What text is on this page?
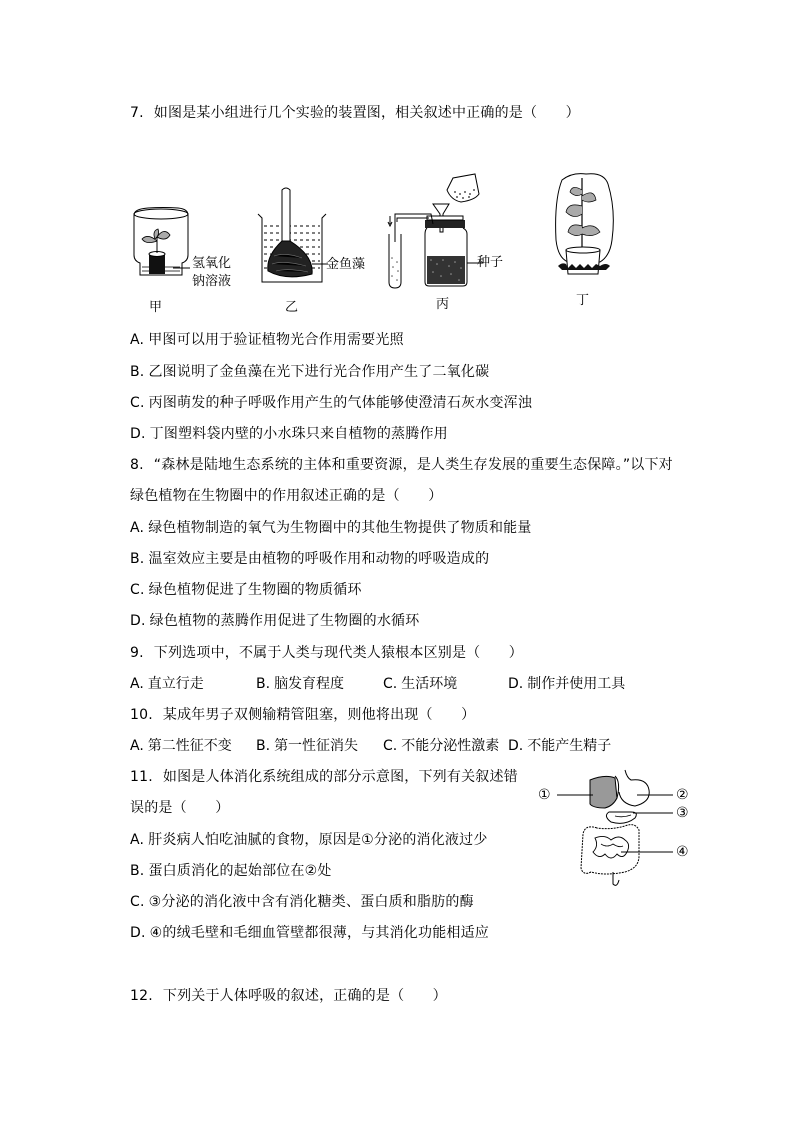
7. 如图是某小组进行几个实验的装置图，相关叙述中正确的是（　　）
氢氧化
钠溶液
甲
金鱼藻
乙
种子
丙	丁
A. 甲图可以用于验证植物光合作用需要光照
B. 乙图说明了金鱼藻在光下进行光合作用产生了二氧化碳
C. 丙图萌发的种子呼吸作用产生的气体能够使澄清石灰水变浑浊
D. 丁图塑料袋内壁的小水珠只来自植物的蒸腾作用
8. “森林是陆地生态系统的主体和重要资源，是人类生存发展的重要生态保障。”以下对
绿色植物在生物圈中的作用叙述正确的是（　　）
A. 绿色植物制造的氧气为生物圈中的其他生物提供了物质和能量
B. 温室效应主要是由植物的呼吸作用和动物的呼吸造成的
C. 绿色植物促进了生物圈的物质循环
D. 绿色植物的蒸腾作用促进了生物圈的水循环
9. 下列选项中，不属于人类与现代类人猿根本区别是（　　）
A. 直立行走	B. 脑发育程度	C. 生活环境	D. 制作并使用工具
10. 某成年男子双侧输精管阻塞，则他将出现（　　）
A. 第二性征不变 B. 第一性征消失 C. 不能分泌性激素 D. 不能产生精子
11. 如图是人体消化系统组成的部分示意图，下列有关叙述错
误的是（　　）
①	②
③
④
A. 肝炎病人怕吃油腻的食物，原因是①分泌的消化液过少
B. 蛋白质消化的起始部位在②处
C. ③分泌的消化液中含有消化糖类、蛋白质和脂肪的酶
D. ④的绒毛壁和毛细血管壁都很薄，与其消化功能相适应
12. 下列关于人体呼吸的叙述，正确的是（　　）
